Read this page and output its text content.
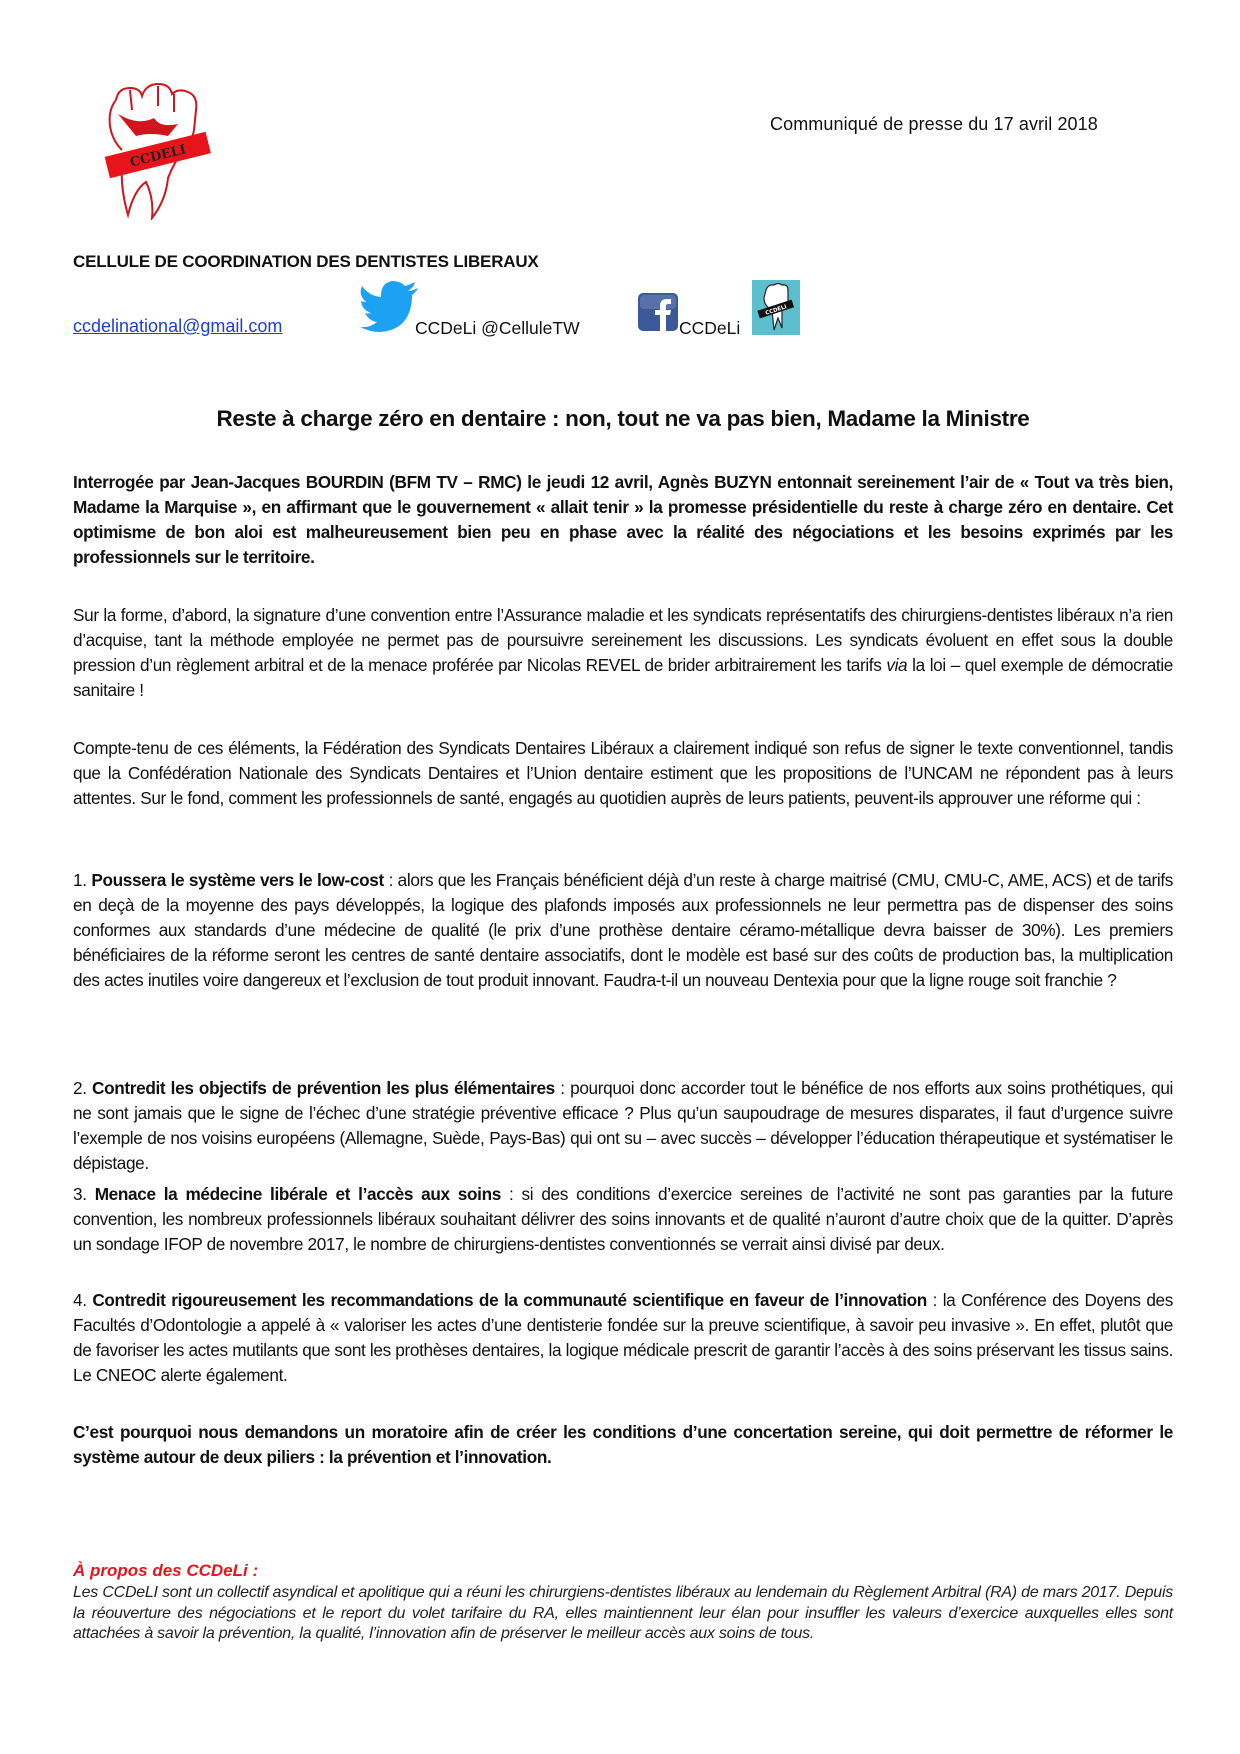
CCDELI
Communiqué de presse du 17 avril 2018
CELLULE DE COORDINATION DES DENTISTES LIBERAUX
ccdelinational@gmail.com	CCDeLi @CelluleTW	CCDeLi
CCDELI
Reste à charge zéro en dentaire : non, tout ne va pas bien, Madame la Ministre
Interrogée par Jean-Jacques BOURDIN (BFM TV – RMC) le jeudi 12 avril, Agnès BUZYN entonnait sereinement l’air de « Tout va très bien, Madame la Marquise », en affirmant que le gouvernement « allait tenir » la promesse présidentielle du reste à charge zéro en dentaire. Cet optimisme de bon aloi est malheureusement bien peu en phase avec la réalité des négociations et les besoins exprimés par les professionnels sur le territoire.
Sur la forme, d’abord, la signature d’une convention entre l’Assurance maladie et les syndicats représentatifs des chirurgiens-dentistes libéraux n’a rien d’acquise, tant la méthode employée ne permet pas de poursuivre sereinement les discussions. Les syndicats évoluent en effet sous la double pression d’un règlement arbitral et de la menace proférée par Nicolas REVEL de brider arbitrairement les tarifs via la loi – quel exemple de démocratie sanitaire !
Compte-tenu de ces éléments, la Fédération des Syndicats Dentaires Libéraux a clairement indiqué son refus de signer le texte conventionnel, tandis que la Confédération Nationale des Syndicats Dentaires et l’Union dentaire estiment que les propositions de l’UNCAM ne répondent pas à leurs attentes. Sur le fond, comment les professionnels de santé, engagés au quotidien auprès de leurs patients, peuvent-ils approuver une réforme qui :
1. Poussera le système vers le low-cost : alors que les Français bénéficient déjà d’un reste à charge maitrisé (CMU, CMU-C, AME, ACS) et de tarifs en deçà de la moyenne des pays développés, la logique des plafonds imposés aux professionnels ne leur permettra pas de dispenser des soins conformes aux standards d’une médecine de qualité (le prix d’une prothèse dentaire céramo-métallique devra baisser de 30%). Les premiers bénéficiaires de la réforme seront les centres de santé dentaire associatifs, dont le modèle est basé sur des coûts de production bas, la multiplication des actes inutiles voire dangereux et l’exclusion de tout produit innovant. Faudra-t-il un nouveau Dentexia pour que la ligne rouge soit franchie ?
2. Contredit les objectifs de prévention les plus élémentaires : pourquoi donc accorder tout le bénéfice de nos efforts aux soins prothétiques, qui ne sont jamais que le signe de l’échec d’une stratégie préventive efficace ? Plus qu’un saupoudrage de mesures disparates, il faut d’urgence suivre l’exemple de nos voisins européens (Allemagne, Suède, Pays-Bas) qui ont su – avec succès – développer l’éducation thérapeutique et systématiser le dépistage.
3. Menace la médecine libérale et l’accès aux soins : si des conditions d’exercice sereines de l’activité ne sont pas garanties par la future convention, les nombreux professionnels libéraux souhaitant délivrer des soins innovants et de qualité n’auront d’autre choix que de la quitter. D’après un sondage IFOP de novembre 2017, le nombre de chirurgiens-dentistes conventionnés se verrait ainsi divisé par deux.
4. Contredit rigoureusement les recommandations de la communauté scientifique en faveur de l’innovation : la Conférence des Doyens des Facultés d’Odontologie a appelé à « valoriser les actes d’une dentisterie fondée sur la preuve scientifique, à savoir peu invasive ». En effet, plutôt que de favoriser les actes mutilants que sont les prothèses dentaires, la logique médicale prescrit de garantir l’accès à des soins préservant les tissus sains. Le CNEOC alerte également.
C’est pourquoi nous demandons un moratoire afin de créer les conditions d’une concertation sereine, qui doit permettre de réformer le système autour de deux piliers : la prévention et l’innovation.
À propos des CCDeLi :
Les CCDeLI sont un collectif asyndical et apolitique qui a réuni les chirurgiens-dentistes libéraux au lendemain du Règlement Arbitral (RA) de mars 2017. Depuis la réouverture des négociations et le report du volet tarifaire du RA, elles maintiennent leur élan pour insuffler les valeurs d’exercice auxquelles elles sont attachées à savoir la prévention, la qualité, l’innovation afin de préserver le meilleur accès aux soins de tous.
